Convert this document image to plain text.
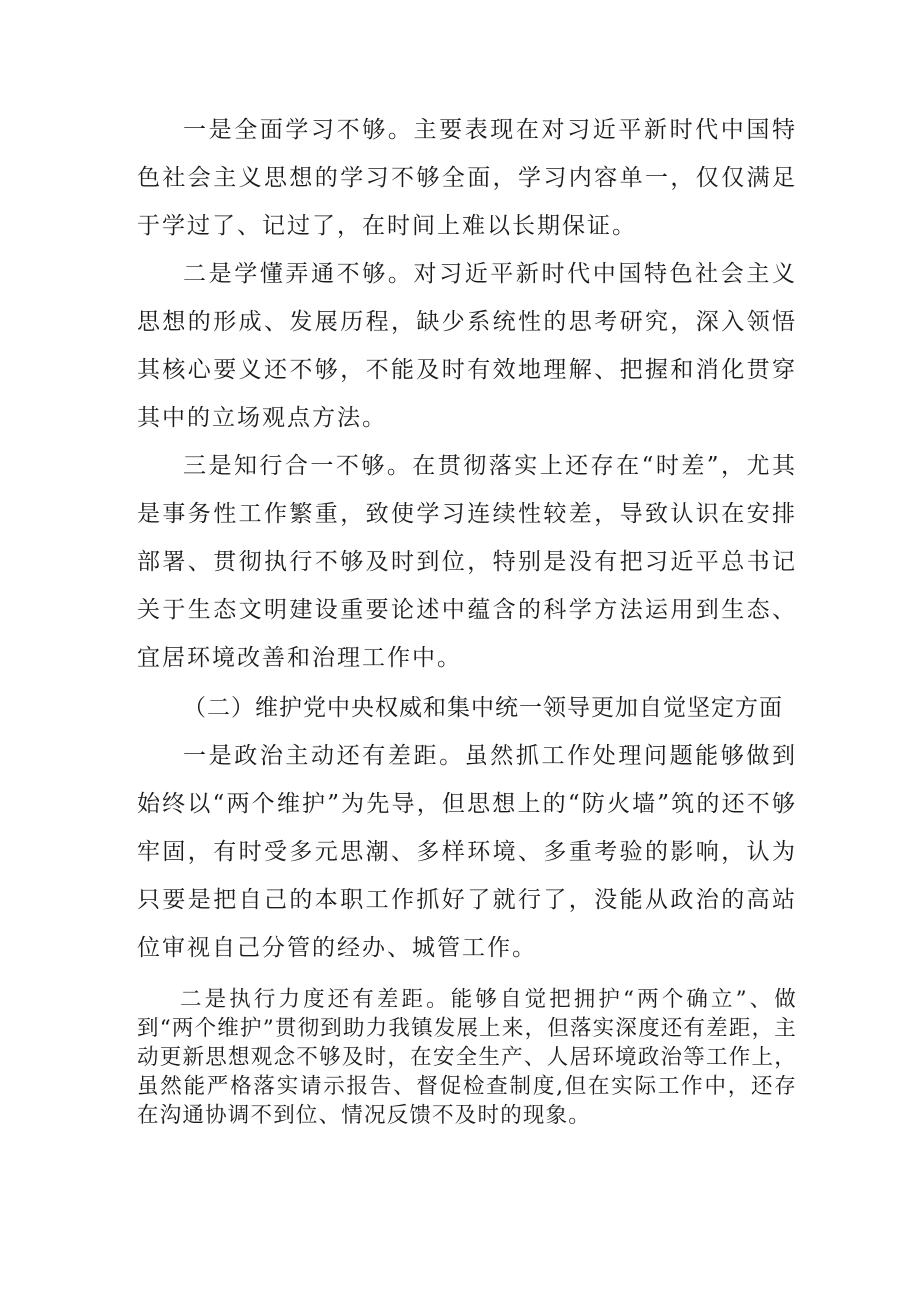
一是全面学习不够。主要表现在对习近平新时代中国特色社会主义思想的学习不够全面，学习内容单一，仅仅满足于学过了、记过了，在时间上难以长期保证。

二是学懂弄通不够。对习近平新时代中国特色社会主义思想的形成、发展历程，缺少系统性的思考研究，深入领悟其核心要义还不够，不能及时有效地理解、把握和消化贯穿其中的立场观点方法。

三是知行合一不够。在贯彻落实上还存在“时差”，尤其是事务性工作繁重，致使学习连续性较差，导致认识在安排部署、贯彻执行不够及时到位，特别是没有把习近平总书记关于生态文明建设重要论述中蕴含的科学方法运用到生态、宜居环境改善和治理工作中。

（二）维护党中央权威和集中统一领导更加自觉坚定方面

一是政治主动还有差距。虽然抓工作处理问题能够做到始终以“两个维护”为先导，但思想上的“防火墙”筑的还不够牢固，有时受多元思潮、多样环境、多重考验的影响，认为只要是把自己的本职工作抓好了就行了，没能从政治的高站位审视自己分管的经办、城管工作。

二是执行力度还有差距。能够自觉把拥护“两个确立”、做到“两个维护”贯彻到助力我镇发展上来，但落实深度还有差距，主动更新思想观念不够及时，在安全生产、人居环境政治等工作上，虽然能严格落实请示报告、督促检查制度,但在实际工作中，还存在沟通协调不到位、情况反馈不及时的现象。
